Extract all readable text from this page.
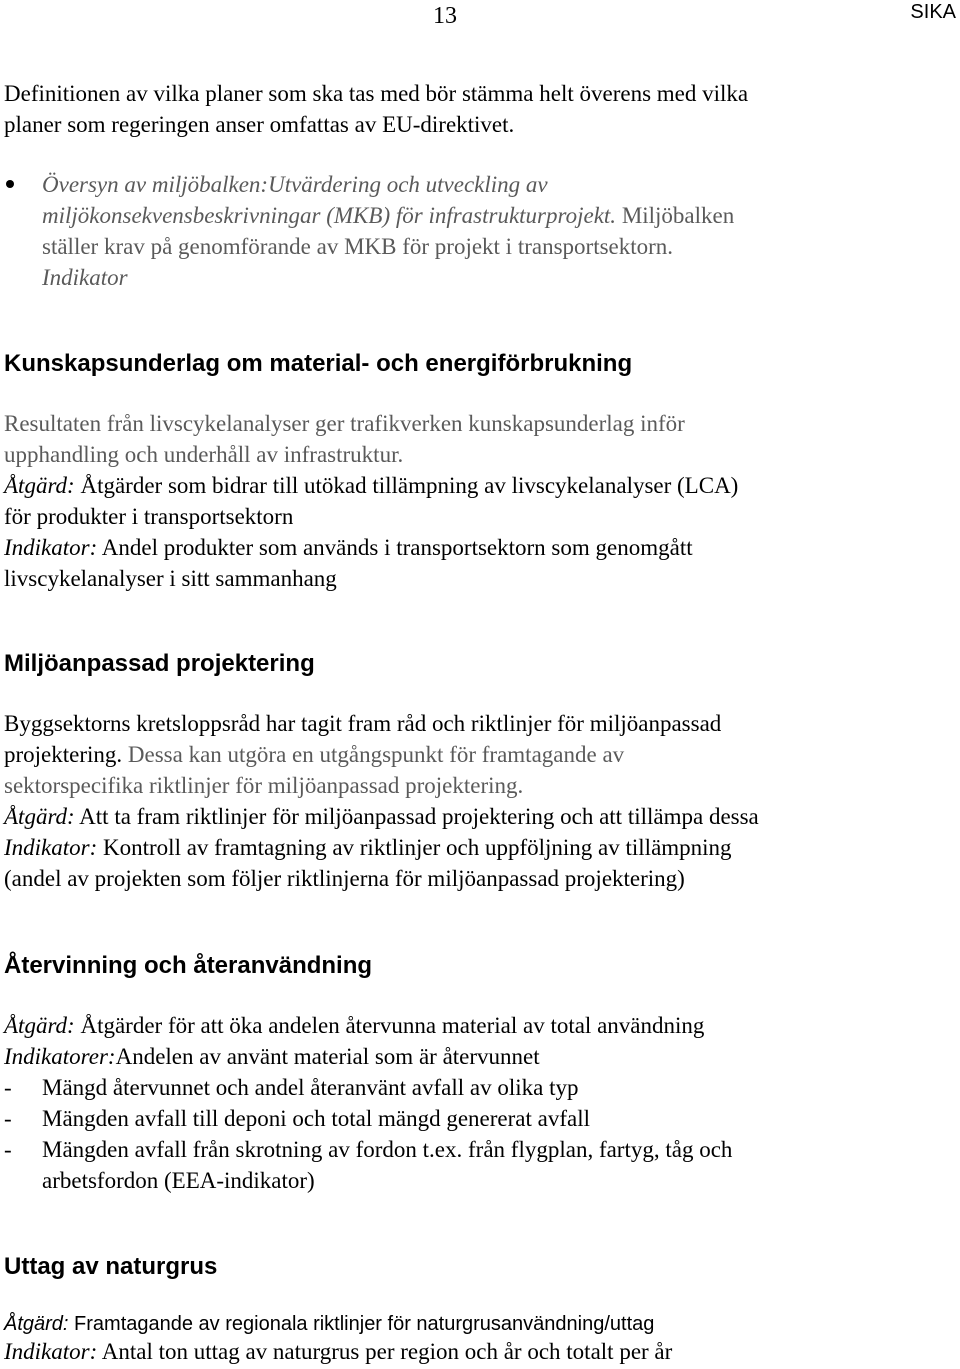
13	SIKA
Definitionen av vilka planer som ska tas med bör stämma helt överens med vilka
planer som regeringen anser omfattas av EU-direktivet.
Översyn av miljöbalken:Utvärdering och utveckling av
miljökonsekvensbeskrivningar (MKB) för infrastrukturprojekt. Miljöbalken
ställer krav på genomförande av MKB för projekt i transportsektorn.
Indikator
Kunskapsunderlag om material- och energiförbrukning
Resultaten från livscykelanalyser ger trafikverken kunskapsunderlag inför
upphandling och underhåll av infrastruktur.
Åtgärd: Åtgärder som bidrar till utökad tillämpning av livscykelanalyser (LCA)
för produkter i transportsektorn
Indikator: Andel produkter som används i transportsektorn som genomgått
livscykelanalyser i sitt sammanhang
Miljöanpassad projektering
Byggsektorns kretsloppsråd har tagit fram råd och riktlinjer för miljöanpassad
projektering. Dessa kan utgöra en utgångspunkt för framtagande av
sektorspecifika riktlinjer för miljöanpassad projektering.
Åtgärd: Att ta fram riktlinjer för miljöanpassad projektering och att tillämpa dessa
Indikator: Kontroll av framtagning av riktlinjer och uppföljning av tillämpning
(andel av projekten som följer riktlinjerna för miljöanpassad projektering)
Återvinning och återanvändning
Åtgärd: Åtgärder för att öka andelen återvunna material av total användning
Indikatorer:Andelen av använt material som är återvunnet
- Mängd återvunnet och andel återanvänt avfall av olika typ
- Mängden avfall till deponi och total mängd genererat avfall
- Mängden avfall från skrotning av fordon t.ex. från flygplan, fartyg, tåg och
arbetsfordon (EEA-indikator)
Uttag av naturgrus
Åtgärd: Framtagande av regionala riktlinjer för naturgrusanvändning/uttag
Indikator: Antal ton uttag av naturgrus per region och år och totalt per år
